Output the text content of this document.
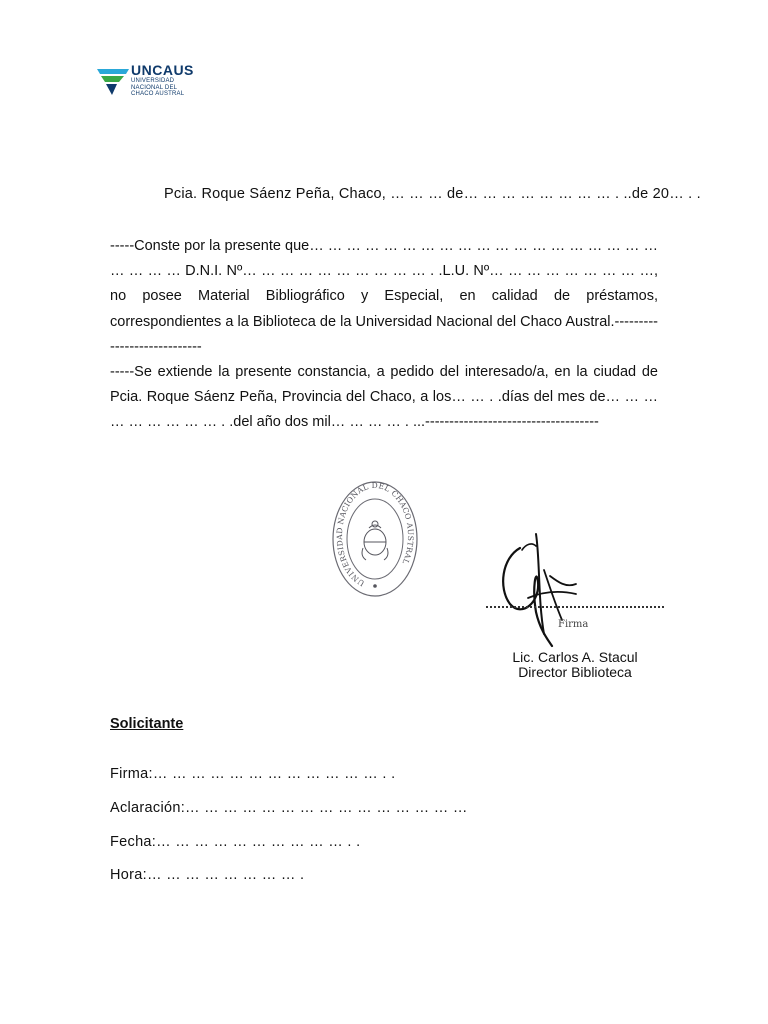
UNCAUS
UNIVERSIDAD
NACIONAL DEL
CHACO AUSTRAL
Pcia. Roque Sáenz Peña, Chaco, … … … de… … … … … … … … . ..de 20… . .

-----Conste por la presente que… … … … … … … … … … … … … … … … … … … … … … … D.N.I. Nº… … … … … … … … … … . .L.U. Nº… … … … … … … … …, no posee Material Bibliográfico y Especial, en calidad de préstamos, correspondientes a la Biblioteca de la Universidad Nacional del Chaco Austral.----------------------------

-----Se extiende la presente constancia, a pedido del interesado/a, en la ciudad de Pcia. Roque Sáenz Peña, Provincia del Chaco, a los… … . .días del mes de… … … … … … … … … . .del año dos mil… … … … . ...------------------------------------

UNIVERSIDAD NACIONAL DEL CHACO AUSTRAL
Firma
Lic. Carlos A. Stacul
Director Biblioteca
Solicitante
Firma:… … … … … … … … … … … … . .
Aclaración:… … … … … … … … … … … … … … …
Fecha:… … … … … … … … … … . .
Hora:… … … … … … … … .
